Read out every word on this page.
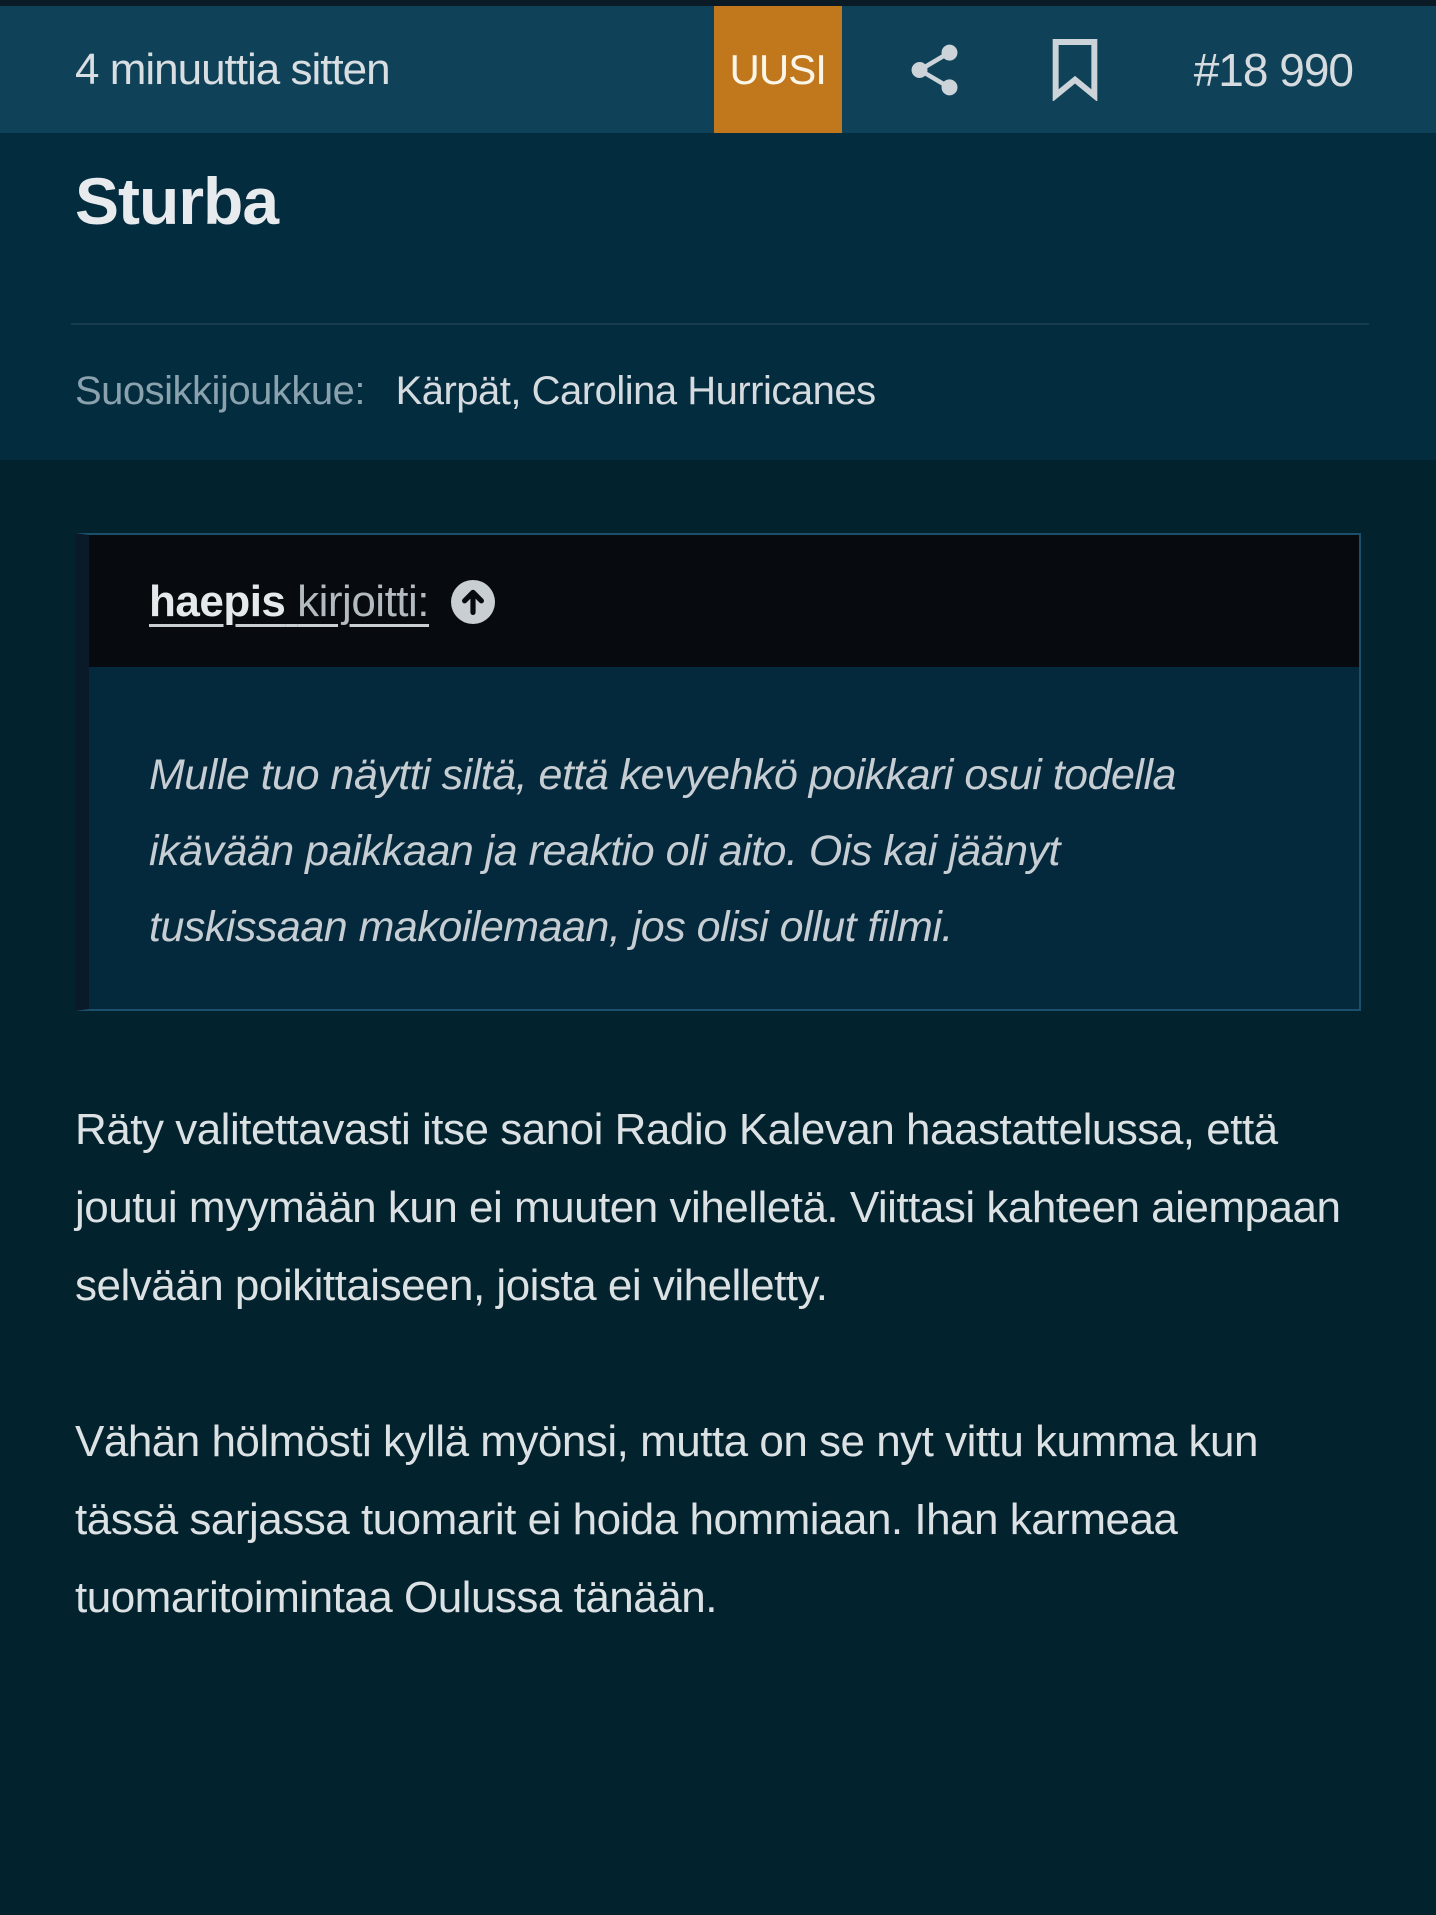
4 minuuttia sitten	UUSI	#18 990
Sturba
Suosikkijoukkue: Kärpät, Carolina Hurricanes
haepis kirjoitti:

Mulle tuo näytti siltä, että kevyehkö poikkari osui todella ikävään paikkaan ja reaktio oli aito. Ois kai jäänyt tuskissaan makoilemaan, jos olisi ollut filmi.

Räty valitettavasti itse sanoi Radio Kalevan haastattelussa, että joutui myymään kun ei muuten vihelletä. Viittasi kahteen aiempaan selvään poikittaiseen, joista ei vihelletty.

Vähän hölmösti kyllä myönsi, mutta on se nyt vittu kumma kun tässä sarjassa tuomarit ei hoida hommiaan. Ihan karmeaa tuomaritoimintaa Oulussa tänään.
